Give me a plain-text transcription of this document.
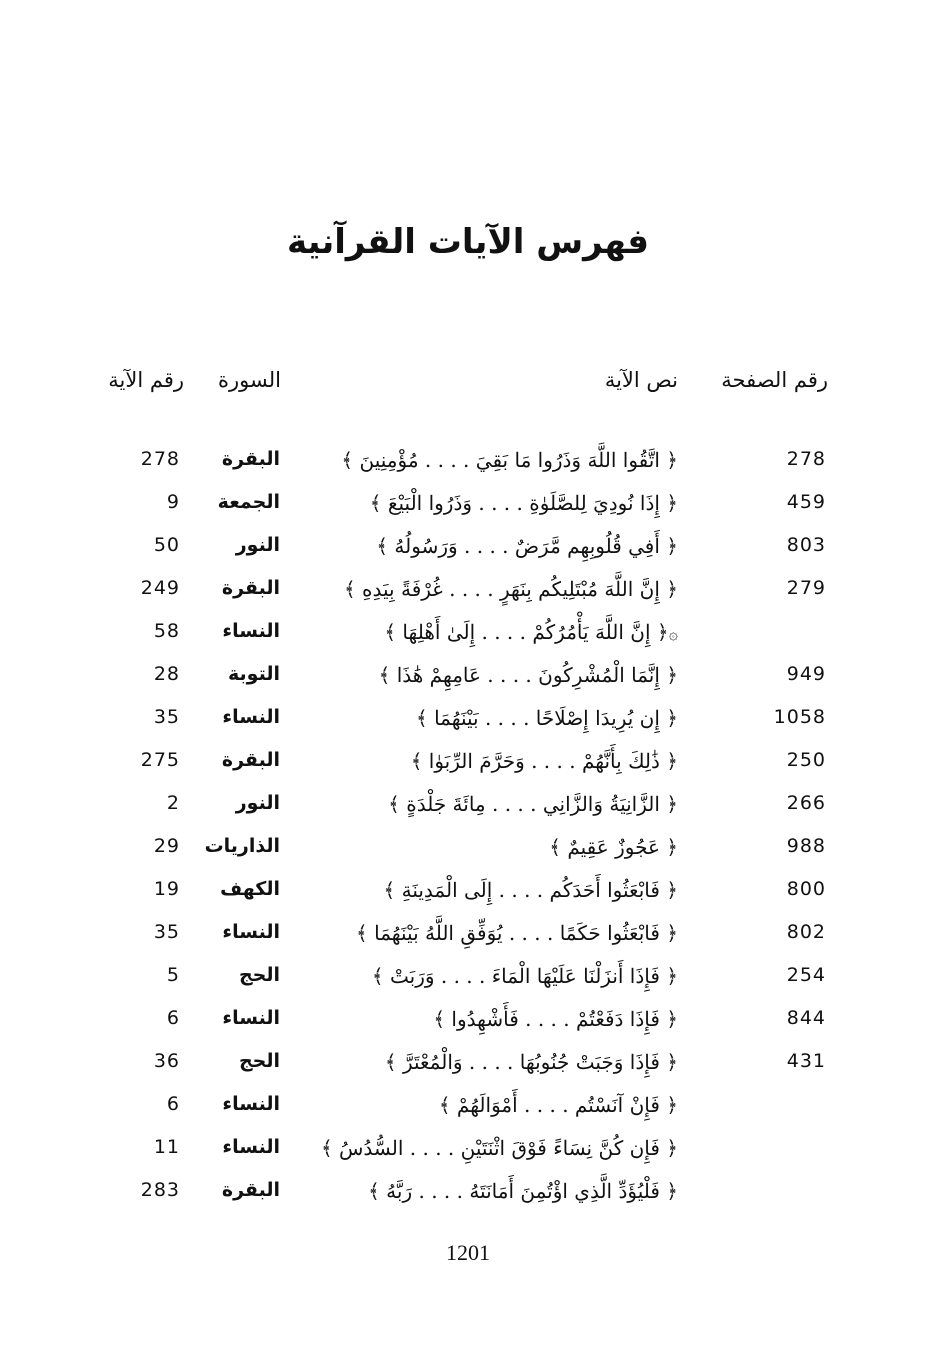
فهرس الآيات القرآنية
رقم الصفحة
نص الآية
السورة
رقم الآية
278
﴿ اتَّقُوا اللَّهَ وَذَرُوا مَا بَقِيَ . . . . مُؤْمِنِينَ ﴾
البقرة
278
459
﴿ إِذَا نُودِيَ لِلصَّلَوٰةِ . . . . وَذَرُوا الْبَيْعَ ﴾
الجمعة
9
803
﴿ أَفِي قُلُوبِهِم مَّرَضٌ . . . . وَرَسُولُهُ ﴾
النور
50
279
﴿ إِنَّ اللَّهَ مُبْتَلِيكُم بِنَهَرٍ . . . . غُرْفَةً بِيَدِهِ ﴾
البقرة
249
۞﴿ إِنَّ اللَّهَ يَأْمُرُكُمْ . . . . إِلَىٰ أَهْلِهَا ﴾
النساء
58
949
﴿ إِنَّمَا الْمُشْرِكُونَ . . . . عَامِهِمْ هَٰذَا ﴾
التوبة
28
1058
﴿ إِن يُرِيدَا إِصْلَاحًا . . . . بَيْنَهُمَا ﴾
النساء
35
250
﴿ ذَٰلِكَ بِأَنَّهُمْ . . . . وَحَرَّمَ الرِّبَوٰا ﴾
البقرة
275
266
﴿ الزَّانِيَةُ وَالزَّانِي . . . . مِائَةَ جَلْدَةٍ ﴾
النور
2
988
﴿ عَجُوزٌ عَقِيمٌ ﴾
الذاريات
29
800
﴿ فَابْعَثُوا أَحَدَكُم . . . . إِلَى الْمَدِينَةِ ﴾
الكهف
19
802
﴿ فَابْعَثُوا حَكَمًا . . . . يُوَفِّقِ اللَّهُ بَيْنَهُمَا ﴾
النساء
35
254
﴿ فَإِذَا أَنزَلْنَا عَلَيْهَا الْمَاءَ . . . . وَرَبَتْ ﴾
الحج
5
844
﴿ فَإِذَا دَفَعْتُمْ . . . . فَأَشْهِدُوا ﴾
النساء
6
431
﴿ فَإِذَا وَجَبَتْ جُنُوبُهَا . . . . وَالْمُعْتَرَّ ﴾
الحج
36
﴿ فَإِنْ آنَسْتُم . . . . أَمْوَالَهُمْ ﴾
النساء
6
﴿ فَإِن كُنَّ نِسَاءً فَوْقَ اثْنَتَيْنِ . . . . السُّدُسُ ﴾
النساء
11
﴿ فَلْيُؤَدِّ الَّذِي اؤْتُمِنَ أَمَانَتَهُ . . . . رَبَّهُ ﴾
البقرة
283
1201
